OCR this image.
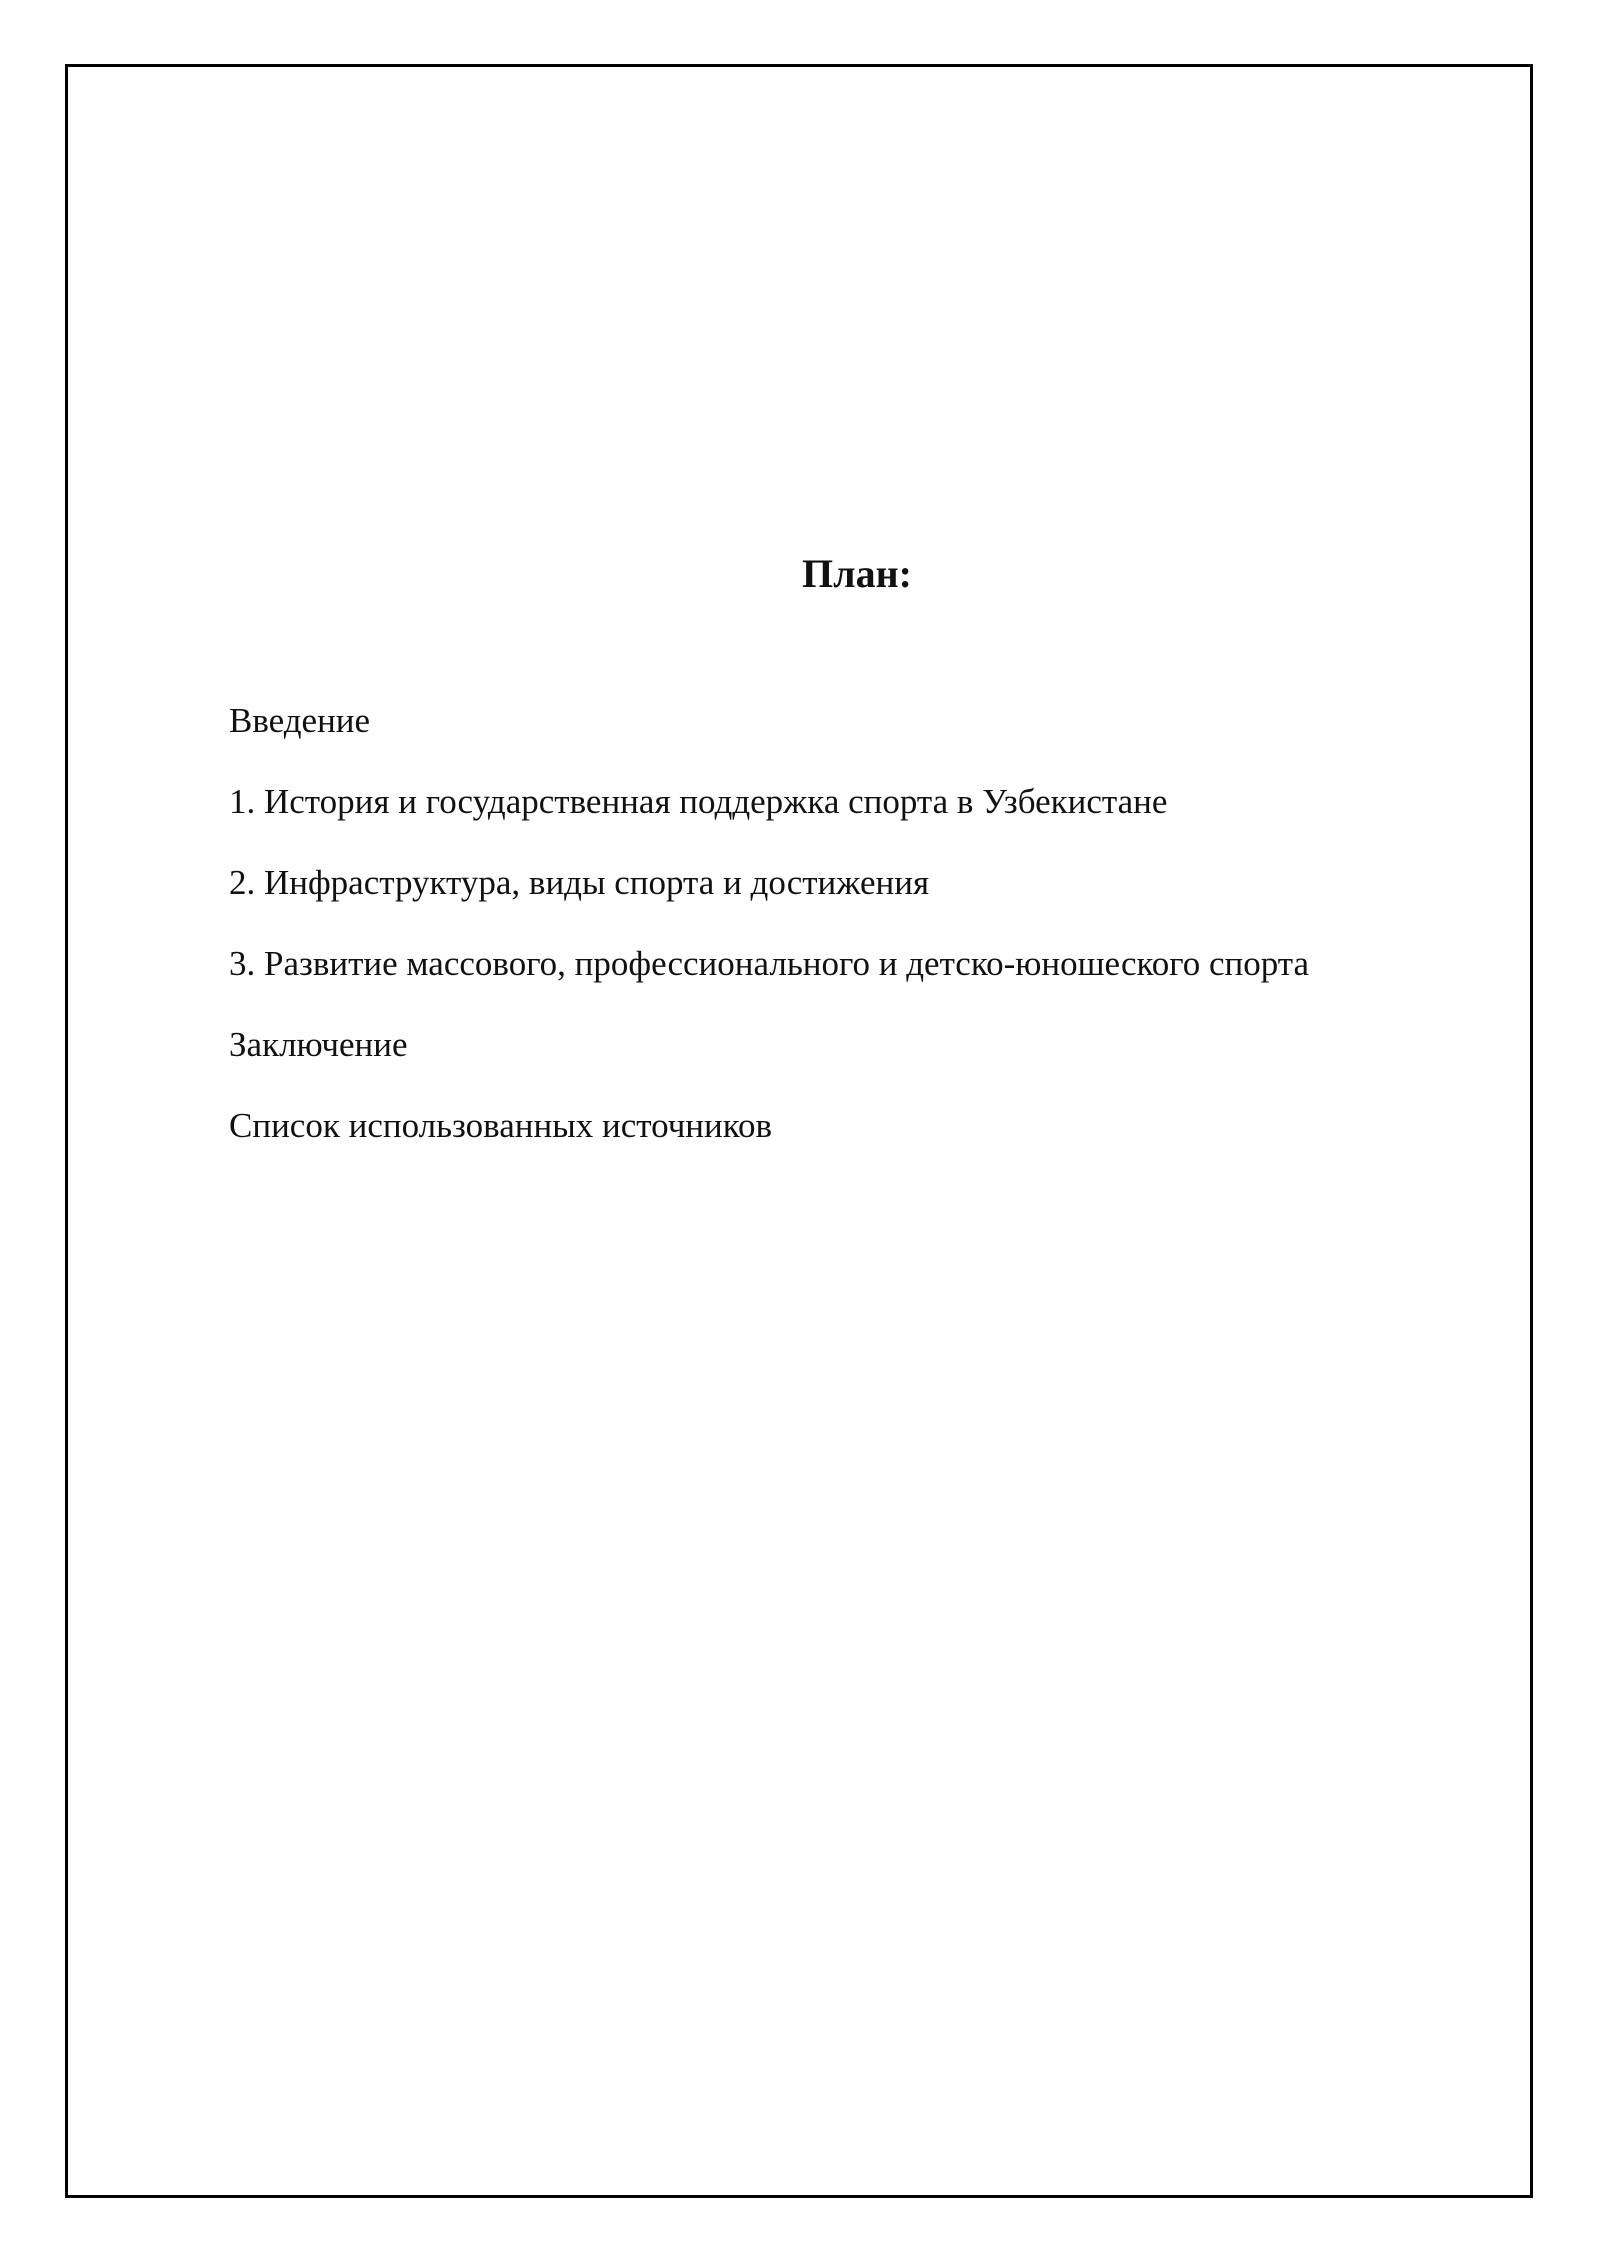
План:
Введение
1. История и государственная поддержка спорта в Узбекистане
2. Инфраструктура, виды спорта и достижения
3. Развитие массового, профессионального и детско-юношеского спорта
Заключение
Список использованных источников
